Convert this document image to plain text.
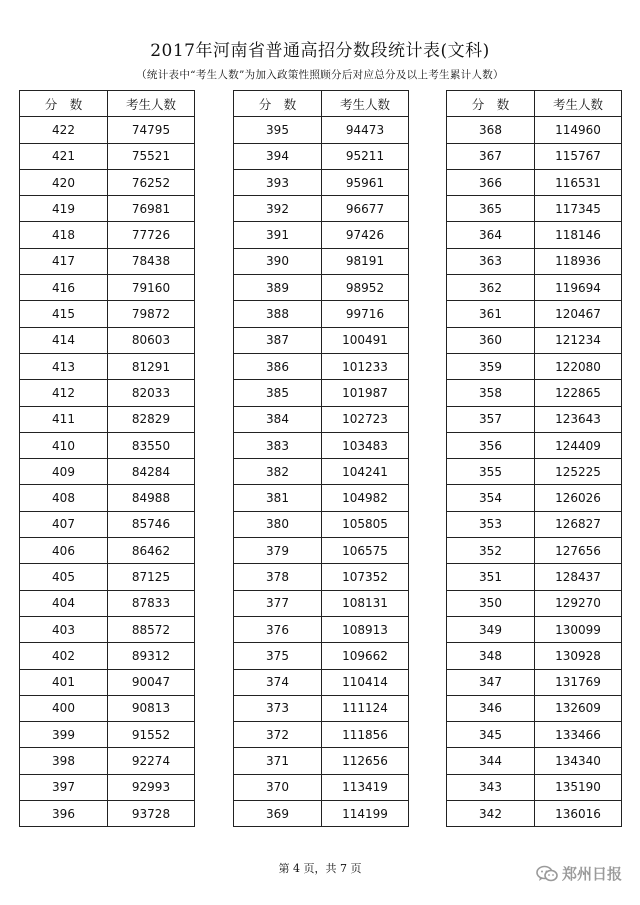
2017年河南省普通高招分数段统计表(文科)
（统计表中“考生人数”为加入政策性照顾分后对应总分及以上考生累计人数）
分　数	考生人数
422	74795
421	75521
420	76252
419	76981
418	77726
417	78438
416	79160
415	79872
414	80603
413	81291
412	82033
411	82829
410	83550
409	84284
408	84988
407	85746
406	86462
405	87125
404	87833
403	88572
402	89312
401	90047
400	90813
399	91552
398	92274
397	92993
396	93728
分　数	考生人数
395	94473
394	95211
393	95961
392	96677
391	97426
390	98191
389	98952
388	99716
387	100491
386	101233
385	101987
384	102723
383	103483
382	104241
381	104982
380	105805
379	106575
378	107352
377	108131
376	108913
375	109662
374	110414
373	111124
372	111856
371	112656
370	113419
369	114199
分　数	考生人数
368	114960
367	115767
366	116531
365	117345
364	118146
363	118936
362	119694
361	120467
360	121234
359	122080
358	122865
357	123643
356	124409
355	125225
354	126026
353	126827
352	127656
351	128437
350	129270
349	130099
348	130928
347	131769
346	132609
345	133466
344	134340
343	135190
342	136016
第 4 页，共 7 页	郑州日报
